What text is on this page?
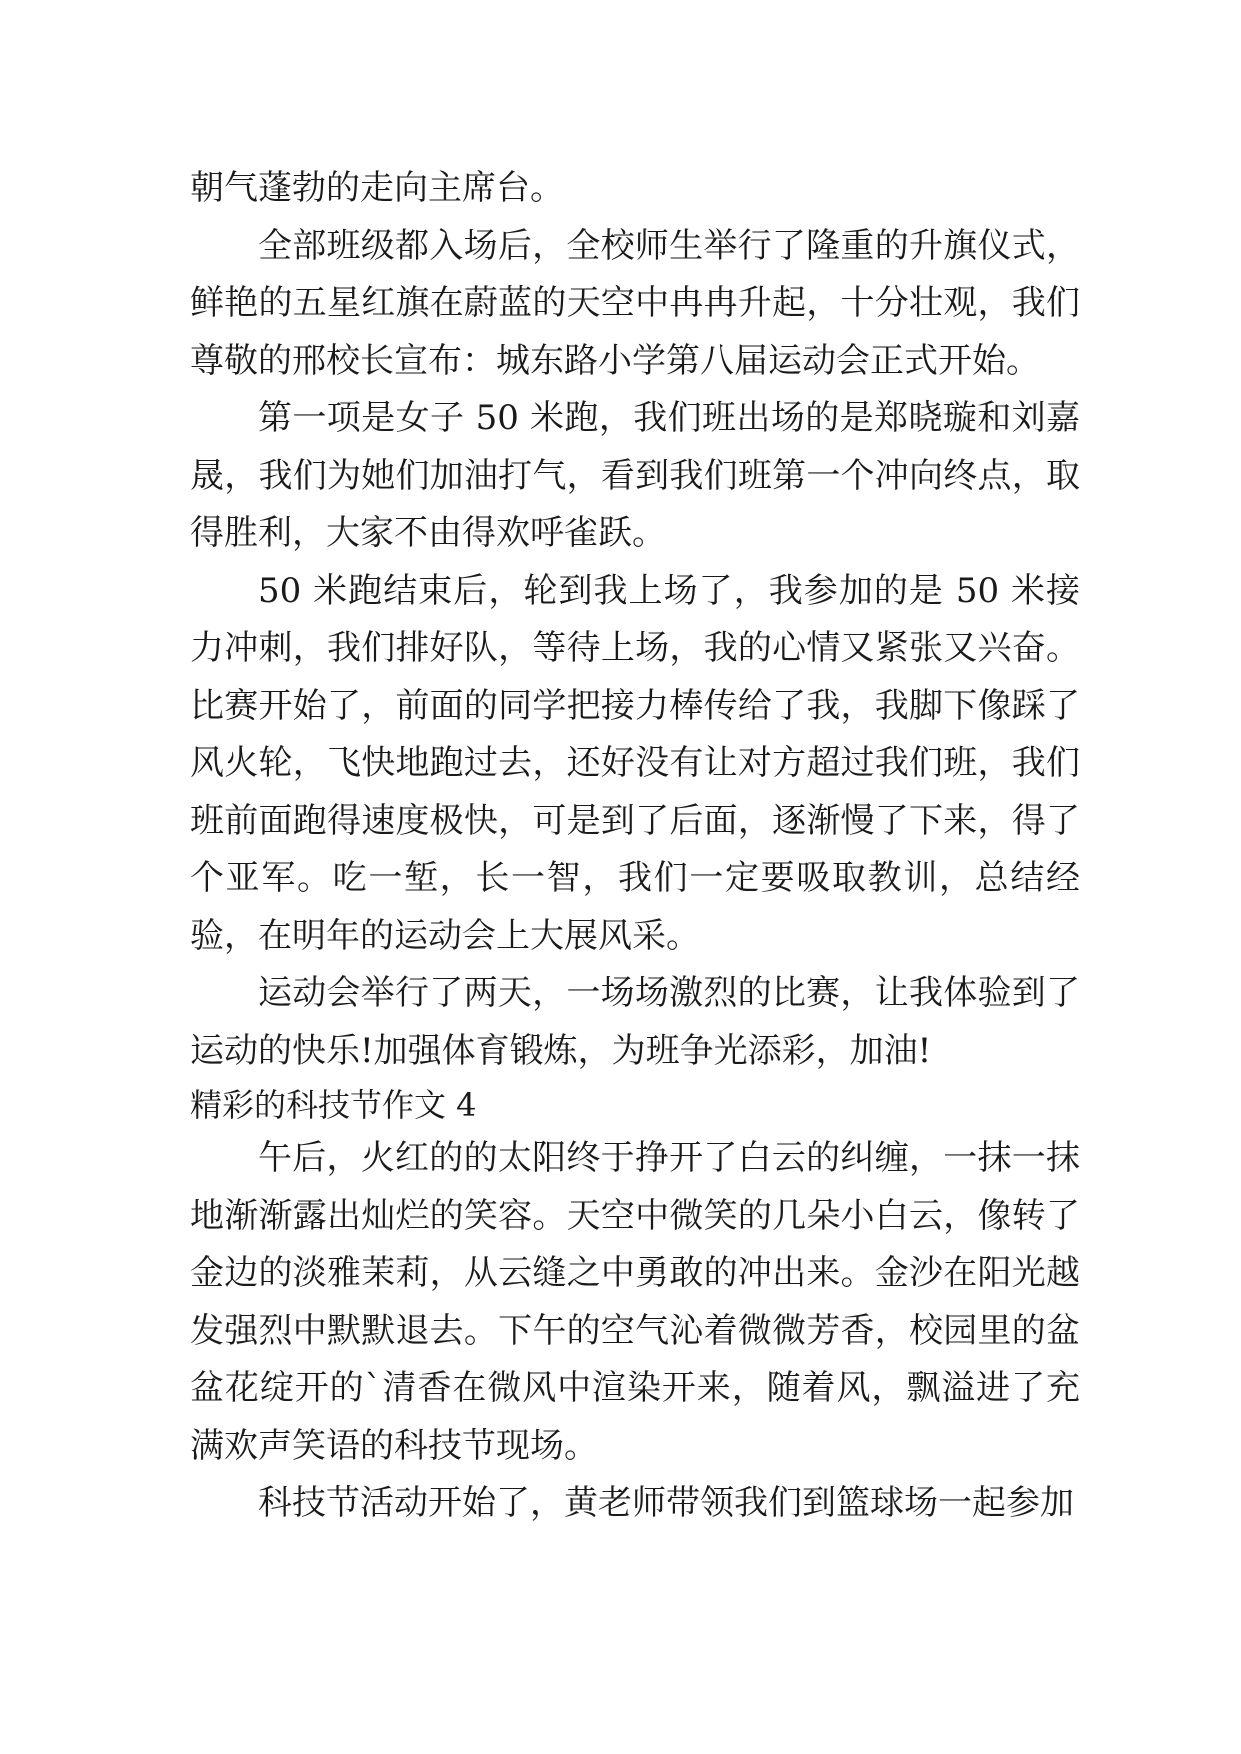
朝气蓬勃的走向主席台。

全部班级都入场后，全校师生举行了隆重的升旗仪式，鲜艳的五星红旗在蔚蓝的天空中冉冉升起，十分壮观，我们尊敬的邢校长宣布：城东路小学第八届运动会正式开始。

第一项是女子 50 米跑，我们班出场的是郑晓璇和刘嘉晟，我们为她们加油打气，看到我们班第一个冲向终点，取得胜利，大家不由得欢呼雀跃。

50 米跑结束后，轮到我上场了，我参加的是 50 米接力冲刺，我们排好队，等待上场，我的心情又紧张又兴奋。比赛开始了，前面的同学把接力棒传给了我，我脚下像踩了风火轮，飞快地跑过去，还好没有让对方超过我们班，我们班前面跑得速度极快，可是到了后面，逐渐慢了下来，得了个亚军。吃一堑，长一智，我们一定要吸取教训，总结经验，在明年的运动会上大展风采。

运动会举行了两天，一场场激烈的比赛，让我体验到了运动的快乐!加强体育锻炼，为班争光添彩，加油!

精彩的科技节作文 4

午后，火红的的太阳终于挣开了白云的纠缠，一抹一抹地渐渐露出灿烂的笑容。天空中微笑的几朵小白云，像转了金边的淡雅茉莉，从云缝之中勇敢的冲出来。金沙在阳光越发强烈中默默退去。下午的空气沁着微微芳香，校园里的盆盆花绽开的`清香在微风中渲染开来，随着风，飘溢进了充满欢声笑语的科技节现场。

科技节活动开始了，黄老师带领我们到篮球场一起参加
